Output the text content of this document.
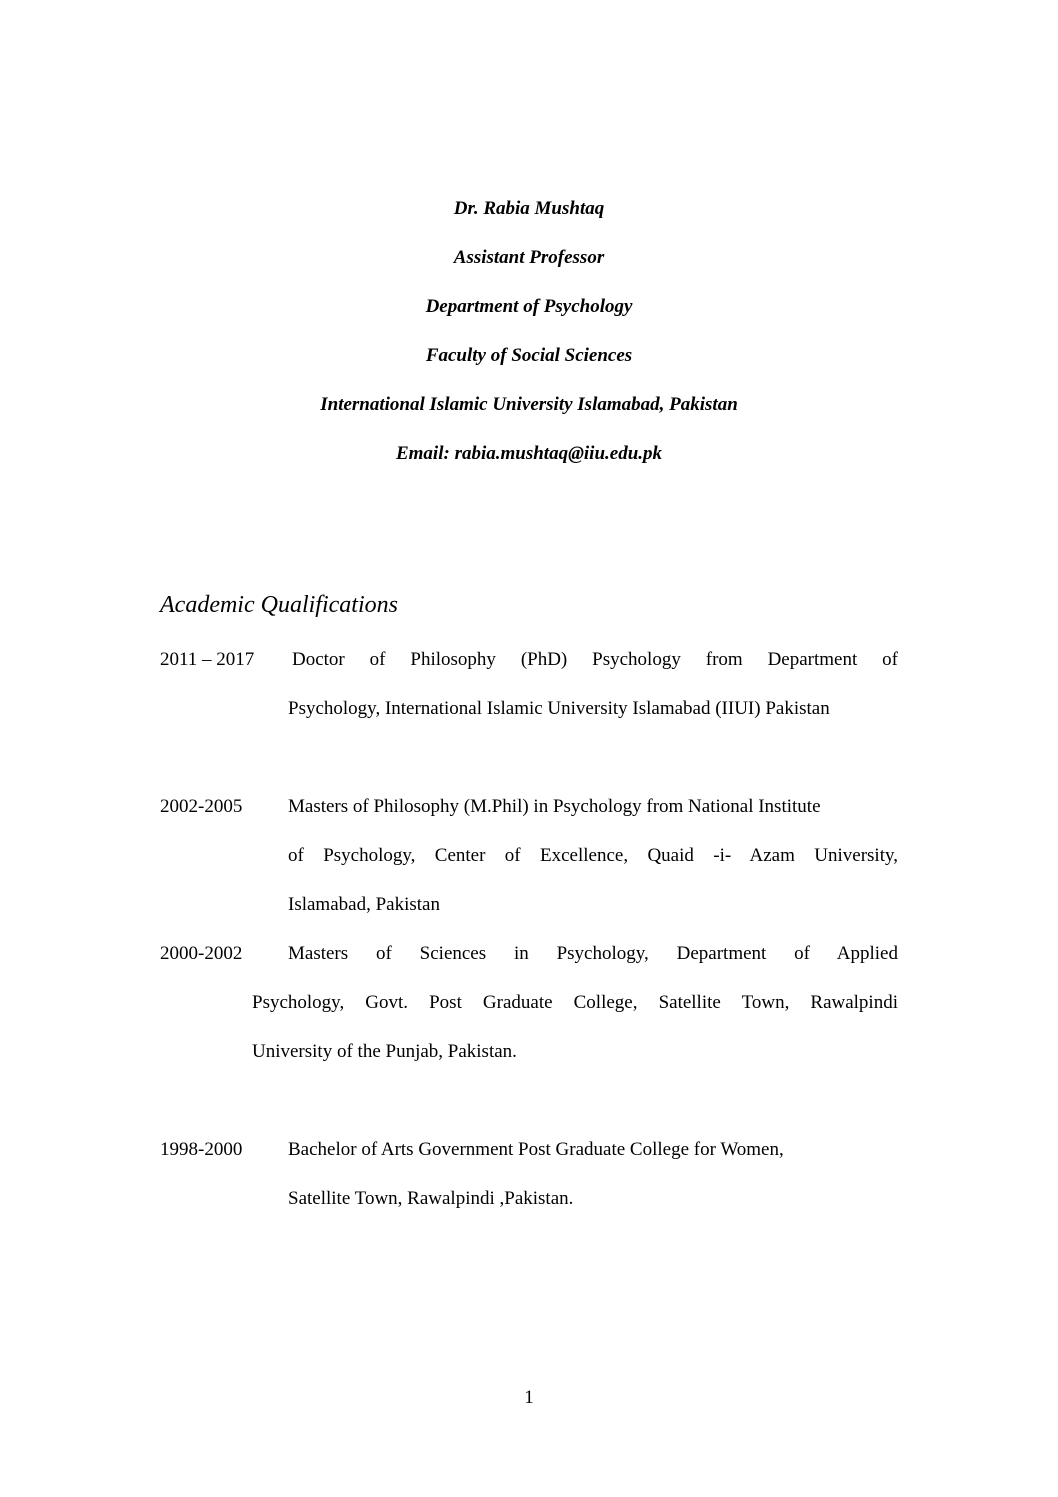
Dr. Rabia Mushtaq
Assistant Professor
Department of Psychology
Faculty of Social Sciences
International Islamic University Islamabad, Pakistan
Email: rabia.mushtaq@iiu.edu.pk
Academic Qualifications
2011 – 2017 Doctor of Philosophy (PhD) Psychology from Department of
Psychology, International Islamic University Islamabad (IIUI) Pakistan
2002-2005 Masters of Philosophy (M.Phil) in Psychology from National Institute
of Psychology, Center of Excellence, Quaid -i- Azam University,
Islamabad, Pakistan
2000-2002 Masters of Sciences in Psychology, Department of Applied
Psychology, Govt. Post Graduate College, Satellite Town, Rawalpindi
University of the Punjab, Pakistan.
1998-2000 Bachelor of Arts Government Post Graduate College for Women,
Satellite Town, Rawalpindi ,Pakistan.
1
